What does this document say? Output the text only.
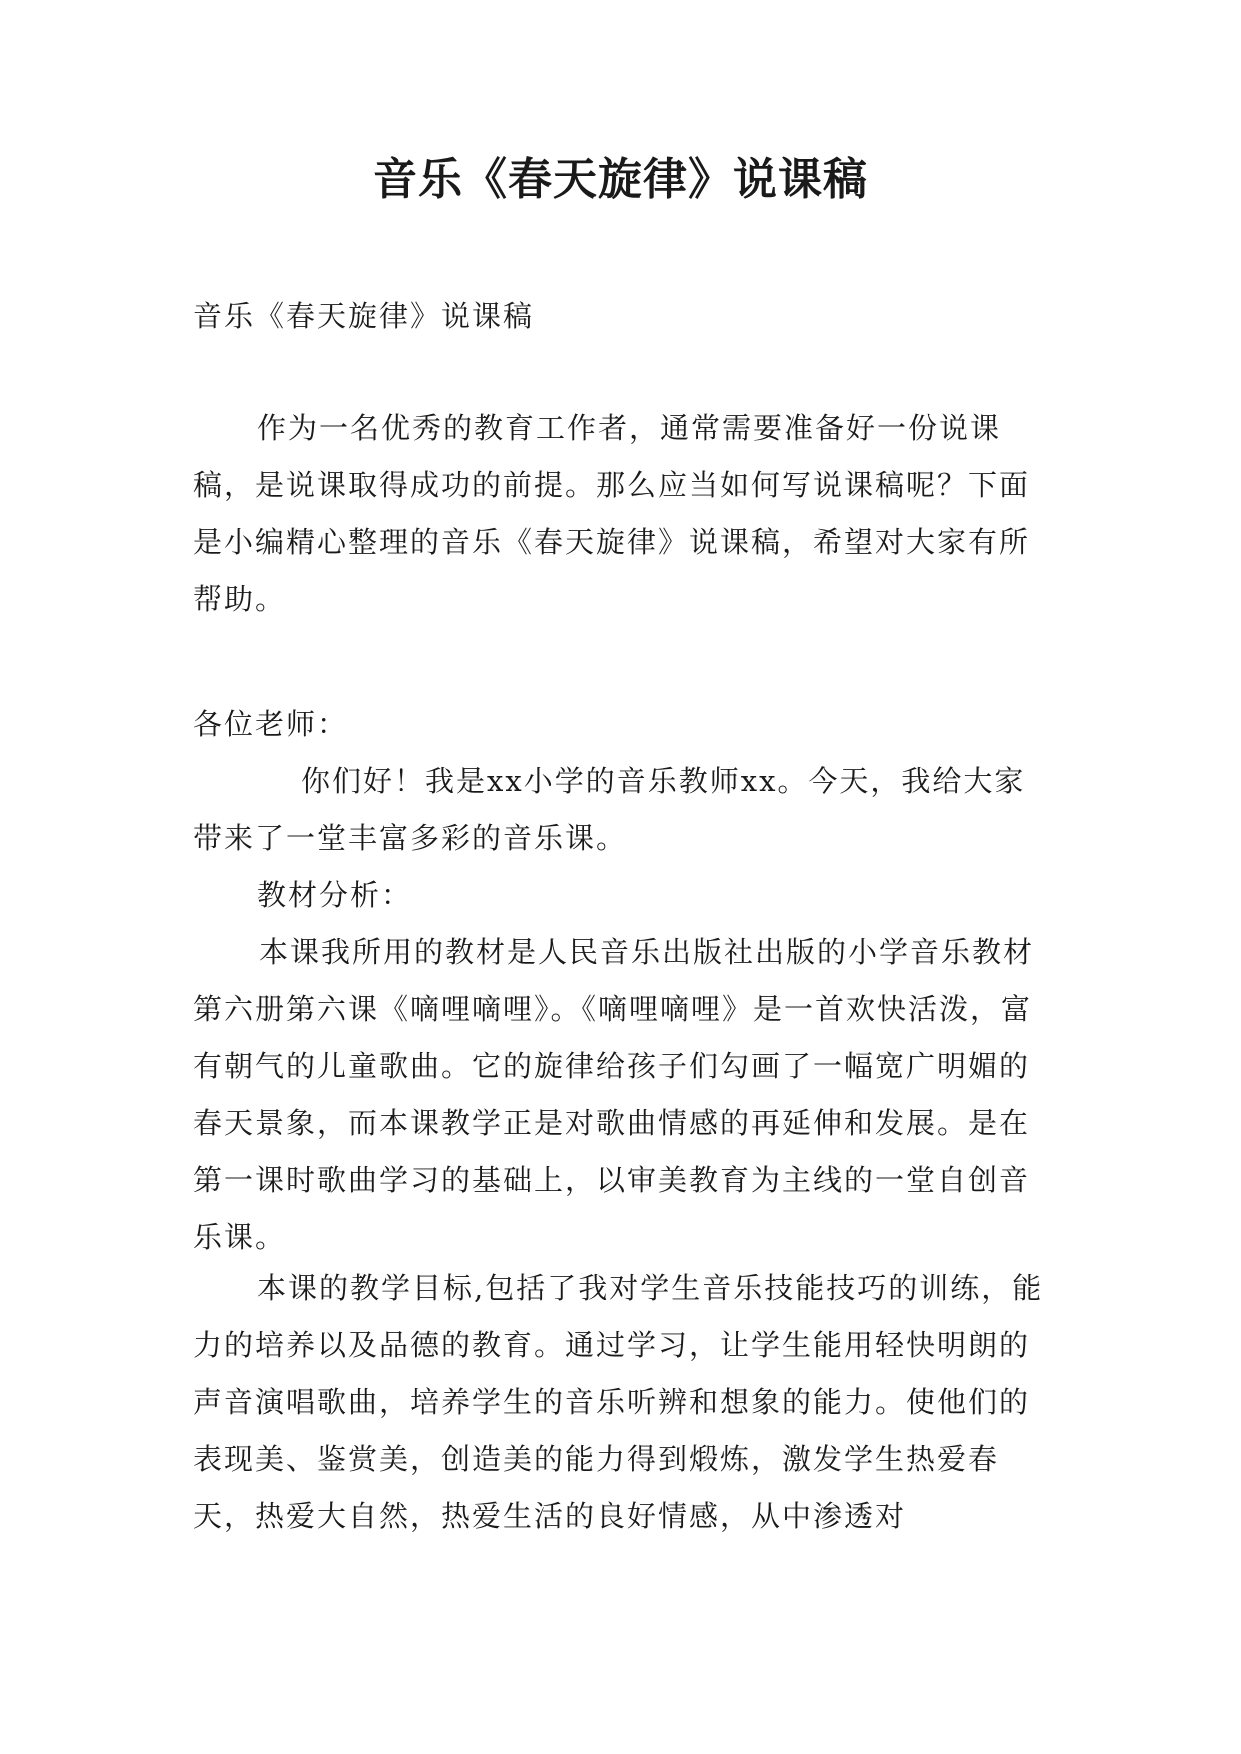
音乐《春天旋律》说课稿

音乐《春天旋律》说课稿

作为一名优秀的教育工作者，通常需要准备好一份说课稿，是说课取得成功的前提。那么应当如何写说课稿呢？下面是小编精心整理的音乐《春天旋律》说课稿，希望对大家有所帮助。

各位老师：

你们好！我是xx小学的音乐教师xx。今天，我给大家带来了一堂丰富多彩的音乐课。

教材分析：

本课我所用的教材是人民音乐出版社出版的小学音乐教材第六册第六课《嘀哩嘀哩》。《嘀哩嘀哩》是一首欢快活泼，富有朝气的儿童歌曲。它的旋律给孩子们勾画了一幅宽广明媚的春天景象，而本课教学正是对歌曲情感的再延伸和发展。是在第一课时歌曲学习的基础上，以审美教育为主线的一堂自创音乐课。

本课的教学目标,包括了我对学生音乐技能技巧的训练，能力的培养以及品德的教育。通过学习，让学生能用轻快明朗的声音演唱歌曲，培养学生的音乐听辨和想象的能力。使他们的表现美、鉴赏美，创造美的能力得到煅炼，激发学生热爱春天，热爱大自然，热爱生活的良好情感，从中渗透对
